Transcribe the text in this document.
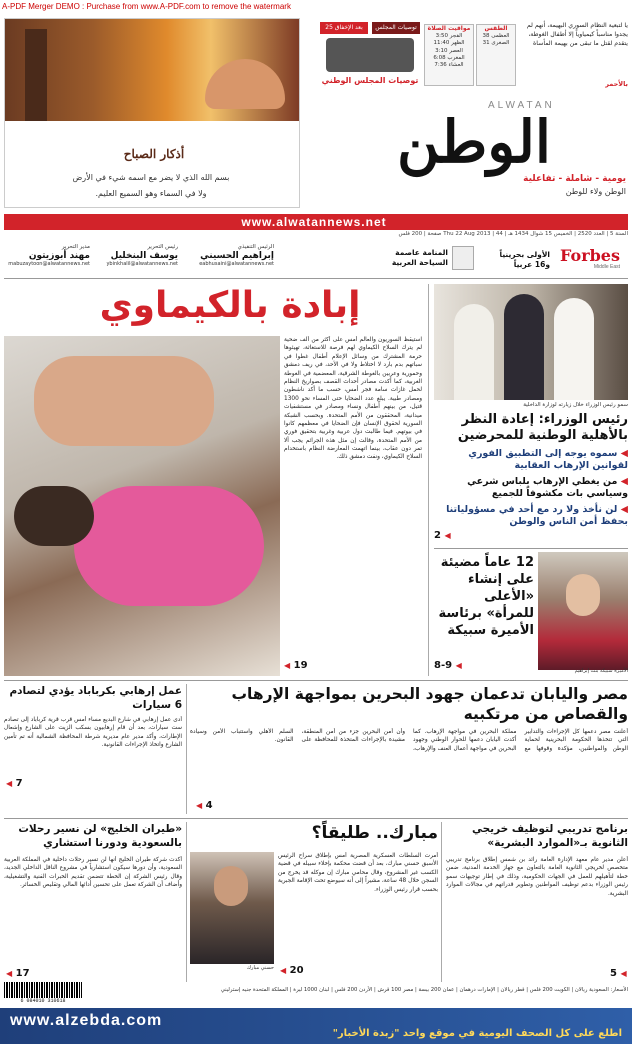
A-PDF Merger DEMO : Purchase from www.A-PDF.com to remove the watermark
أذكار الصباح
بسم الله الذي لا يضر مع اسمه شيء في الأرض
ولا في السماء وهو السميع العليم.
بعد الإخفاق 25	توصيات المجلس
توصيات المجلس الوطني
مواقيت الصلاة
الفجر 3:50
الظهر 11:40
العصر 3:10
المغرب 6:08
العشاء 7:36
الطقس
العظمى 38
الصغرى 31
يا لتبعية النظام السوري البهيمة، أنهم لم يجدوا مناسباً كيمياوياً إلا أطفال الغوطة، يتقدم لقتل ما تبقى من بهيمة المأساة
بالأحمر
ALWATAN
الوطن
يومية - شاملة - تفاعلية
الوطن ولاء للوطن
www.alwatannews.net
السنة 5 | العدد 2520 | الخميس 15 شوال 1434 هـ | Thu 22 Aug 2013 | 44 صفحة | 200 فلس
Forbes
Middle East
الأولى بحرينياً و16 عربياً
المنامة عاصمة السياحة العربية
الرئيس التنفيذي
إبراهيم الحسيني
eabhusaini@alwatannews.net
رئيس التحرير
يوسف البنخليل
ybinkhalil@alwatannews.net
مدير التحرير
مهند أبوزيتون
mabuzaytoon@alwatannews.net
إبادة بالكيماوي
استيقظ السوريون والعالم أمس على أكثر من ألف ضحية لم يترك السلاح الكيماوي لهم فرصة للاستغاثة، تهيئوها حرمة المشترك من وسائل الإعلام أطفال غطوا في سباتهم بدم بارد لا اختلاط ولا في الأحد، في ريف دمشق وحمورية وعربين بالغوطة الشرقية، المعضمية في الغوطة الغربية، كما أكدت مصادر أحداث القصف بصواريخ النظام لحمل غازات سامة فجر أمس، حسب ما أكد ناشطون ومصادر طبية. يبلغ عدد الضحايا حتى المساء نحو 1300 قتيل، من بينهم أطفال ونساء ومصادر في مستشفيات ميدانية، المحققون من الأمم المتحدة. وبحسب الشبكة السورية لحقوق الإنسان فإن الضحايا في معظمهم كانوا في بيوتهم. فيما طالبت دول عربية وغربية بتحقيق فوري من الأمم المتحدة، وقالت إن مثل هذه الجرائم يجب ألا تمر دون عقاب، بينما اتهمت المعارضة النظام باستخدام السلاح الكيماوي، ونفت دمشق ذلك.
◀ 19
سمو رئيس الوزراء خلال زيارته لوزارة الداخلية
رئيس الوزراء: إعادة النظر بالأهلية الوطنية للمحرضين
◀ سموه يوجه إلى التطبيق الفوري لقوانين الإرهاب العقابية
◀ من يغطي الإرهاب بلباس شرعي وسياسي بات مكشوفاً للجميع
◀ لن نأخذ ولا رد مع أحد في مسؤولياتنا بحفظ أمن الناس والوطن
2 ◀
الأميرة سبيكة بنت إبراهيم
12 عاماً مضيئة على إنشاء «الأعلى للمرأة» برئاسة الأميرة سبيكة
8-9 ◀
مصر واليابان تدعمان جهود البحرين بمواجهة الإرهاب والقصاص من مرتكبيه
أعلنت مصر دعمها كل الإجراءات والتدابير التي تتخذها الحكومة البحرينية لحماية الوطن والمواطنين، مؤكدة وقوفها مع مملكة البحرين في مواجهة الإرهاب. كما أكدت اليابان دعمها للحوار الوطني وجهود البحرين في مواجهة أعمال العنف والإرهاب، وأن أمن البحرين جزء من أمن المنطقة، مشيدة بالإجراءات المتخذة للمحافظة على السلم الأهلي واستتباب الأمن وسيادة القانون.
◀ 4
عمل إرهابي بكرباباد يؤدي لتصادم 6 سيارات
أدى عمل إرهابي في شارع البديع مساء أمس قرب قرية كرباباد إلى تصادم ست سيارات، بعد أن قام إرهابيون بسكب الزيت على الشارع وإشعال الإطارات، وأكد مدير عام مديرية شرطة المحافظة الشمالية أنه تم تأمين الشارع واتخاذ الإجراءات القانونية.
◀ 7
برنامج تدريبي لتوظيف خريجي الثانوية بـ«الموارد البشرية»
أعلن مدير عام معهد الإدارة العامة رائد بن شمس إطلاق برنامج تدريبي متخصص لخريجي الثانوية العامة بالتعاون مع جهاز الخدمة المدنية، ضمن خطة لتأهيلهم للعمل في الجهات الحكومية، وذلك في إطار توجيهات سمو رئيس الوزراء بدعم توظيف المواطنين وتطوير قدراتهم في مجالات الموارد البشرية.
5 ◀
مبارك.. طليقاً؟
حسني مبارك
أمرت السلطات العسكرية المصرية أمس بإطلاق سراح الرئيس الأسبق حسني مبارك، بعد أن قضت محكمة بإخلاء سبيله في قضية الكسب غير المشروع، وقال محامي مبارك إن موكله قد يخرج من السجن خلال 48 ساعة، مشيراً إلى أنه سيوضع تحت الإقامة الجبرية بحسب قرار رئيس الوزراء.
◀ 20
«طيران الخليج» لن نسير رحلات بالسعودية ودورنا استشاري
أكدت شركة طيران الخليج أنها لن تسير رحلات داخلية في المملكة العربية السعودية، وأن دورها سيكون استشارياً في مشروع الناقل الداخلي الجديد، وقال رئيس الشركة إن الخطة تتضمن تقديم الخبرات الفنية والتشغيلية، وأضاف أن الشركة تعمل على تحسين أدائها المالي وتقليص الخسائر.
◀ 17
الأسعار: السعودية ريالان | الكويت 200 فلس | قطر ريالان | الإمارات درهمان | عمان 200 بيسة | مصر 100 قرش | الأردن 200 فلس | لبنان 1000 ليرة | المملكة المتحدة جنيه إسترليني
6 084010 310618
www.alzebda.com
اطلع على كل الصحف اليومية في موقع واحد "زبدة الأخبار"
